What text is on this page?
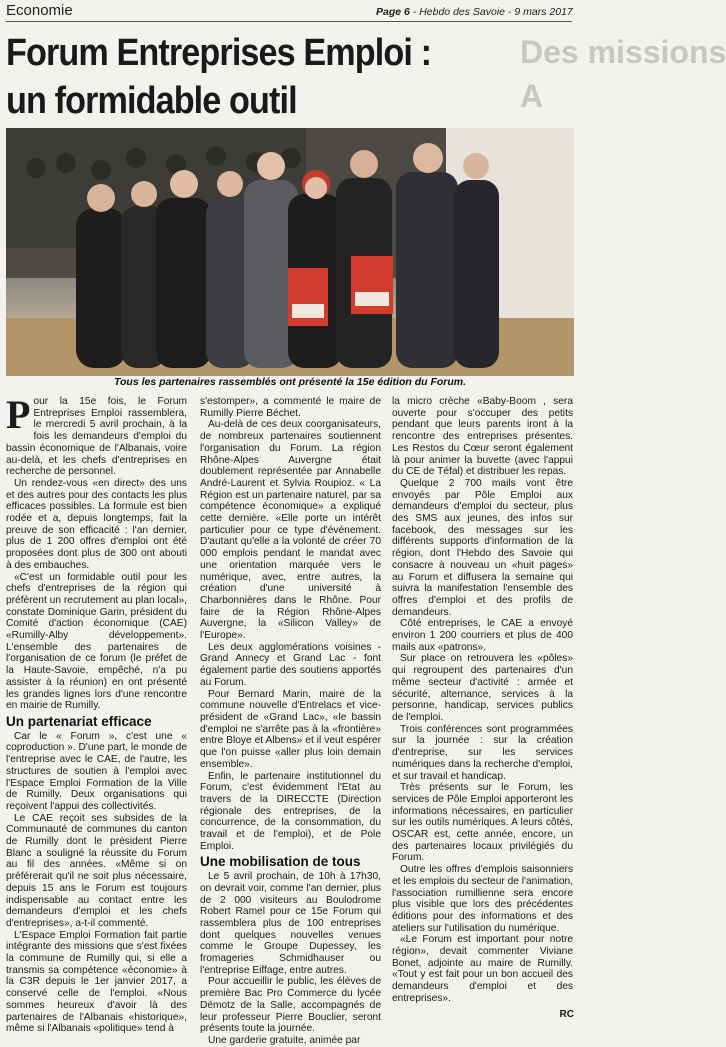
Economie	Page 6 - Hebdo des Savoie - 9 mars 2017
Forum Entreprises Emploi :
un formidable outil
Des missions
A
Tous les partenaires rassemblés ont présenté la 15e édition du Forum.

Pour la 15e fois, le Forum Entreprises Emploi rassemblera, le mercredi 5 avril prochain, à la fois les demandeurs d'emploi du bassin économique de l'Albanais, voire au-delà, et les chefs d'entreprises en recherche de personnel.

Un rendez-vous «en direct» des uns et des autres pour des contacts les plus efficaces possibles. La formule est bien rodée et a, depuis longtemps, fait la preuve de son efficacité : l'an dernier, plus de 1 200 offres d'emploi ont été proposées dont plus de 300 ont abouti à des embauches.

«C'est un formidable outil pour les chefs d'entreprises de la région qui préfèrent un recrutement au plan local», constate Dominique Garin, président du Comité d'action économique (CAE) «Rumilly-Alby développement». L'ensemble des partenaires de l'organisation de ce forum (le préfet de la Haute-Savoie, empêché, n'a pu assister à la réunion) en ont présenté les grandes lignes lors d'une rencontre en mairie de Rumilly.

Un partenariat efficace

Car le « Forum », c'est une « coproduction ». D'une part, le monde de l'entreprise avec le CAE, de l'autre, les structures de soutien à l'emploi avec l'Espace Emploi Formation de la Ville de Rumilly. Deux organisations qui reçoivent l'appui des collectivités.

Le CAE reçoit ses subsides de la Communauté de communes du canton de Rumilly dont le président Pierre Blanc a souligné la réussite du Forum au fil des années. «Même si on préférerait qu'il ne soit plus nécessaire, depuis 15 ans le Forum est toujours indispensable au contact entre les demandeurs d'emploi et les chefs d'entreprises», a-t-il commenté.

L'Espace Emploi Formation fait partie intégrante des missions que s'est fixées la commune de Rumilly qui, si elle a transmis sa compétence «économie» à la C3R depuis le 1er janvier 2017, a conservé celle de l'emploi. «Nous sommes heureux d'avoir là des partenaires de l'Albanais «historique», même si l'Albanais «politique» tend à

s'estomper», a commenté le maire de Rumilly Pierre Béchet.

Au-delà de ces deux coorganisateurs, de nombreux partenaires soutiennent l'organisation du Forum. La région Rhône-Alpes Auvergne était doublement représentée par Annabelle André-Laurent et Sylvia Roupioz. « La Région est un partenaire naturel, par sa compétence économique» a expliqué cette dernière. «Elle porte un intérêt particulier pour ce type d'événement. D'autant qu'elle a la volonté de créer 70 000 emplois pendant le mandat avec une orientation marquée vers le numérique, avec, entre autres, la création d'une université à Charbonnières dans le Rhône. Pour faire de la Région Rhône-Alpes Auvergne, la «Silicon Valley» de l'Europe».

Les deux agglomérations voisines - Grand Annecy et Grand Lac - font également partie des soutiens apportés au Forum.

Pour Bernard Marin, maire de la commune nouvelle d'Entrelacs et vice-président de «Grand Lac», «le bassin d'emploi ne s'arrête pas à la «frontière» entre Bloye et Albens» et il veut espérer que l'on puisse «aller plus loin demain ensemble».

Enfin, le partenaire institutionnel du Forum, c'est évidemment l'Etat au travers de la DIRECCTE (Direction régionale des entreprises, de la concurrence, de la consommation, du travail et de l'emploi), et de Pole Emploi.

Une mobilisation de tous

Le 5 avril prochain, de 10h à 17h30, on devrait voir, comme l'an dernier, plus de 2 000 visiteurs au Boulodrome Robert Ramel pour ce 15e Forum qui rassemblera plus de 100 entreprises dont quelques nouvelles venues comme le Groupe Dupessey, les fromageries Schmidhauser ou l'entreprise Eiffage, entre autres.

Pour accueillir le public, les élèves de première Bac Pro Commerce du lycée Démotz de la Salle, accompagnés de leur professeur Pierre Bouclier, seront présents toute la journée.

Une garderie gratuite, animée par

la micro crèche «Baby-Boom , sera ouverte pour s'occuper des petits pendant que leurs parents iront à la rencontre des entreprises présentes. Les Restos du Cœur seront également là pour animer la buvette (avec l'appui du CE de Téfal) et distribuer les repas.

Quelque 2 700 mails vont être envoyés par Pôle Emploi aux demandeurs d'emploi du secteur, plus des SMS aux jeunes, des infos sur facebook, des messages sur les différents supports d'information de la région, dont l'Hebdo des Savoie qui consacre à nouveau un «huit pages» au Forum et diffusera la semaine qui suivra la manifestation l'ensemble des offres d'emploi et des profils de demandeurs.

Côté entreprises, le CAE a envoyé environ 1 200 courriers et plus de 400 mails aux «patrons».

Sur place on retrouvera les «pôles» qui regroupent des partenaires d'un même secteur d'activité : armée et sécurité, alternance, services à la personne, handicap, services publics de l'emploi.

Trois conférences sont programmées sur la journée : sur la création d'entreprise, sur les services numériques dans la recherche d'emploi, et sur travail et handicap.

Très présents sur le Forum, les services de Pôle Emploi apporteront les informations nécessaires, en particulier sur les outils numériques. A leurs côtés, OSCAR est, cette année, encore, un des partenaires locaux privilégiés du Forum.

Outre les offres d'emplois saisonniers et les emplois du secteur de l'animation, l'association rumillienne sera encore plus visible que lors des précédentes éditions pour des informations et des ateliers sur l'utilisation du numérique.

«Le Forum est important pour notre région», devait commenter Viviane Bonet, adjointe au maire de Rumilly. «Tout y est fait pour un bon accueil des demandeurs d'emploi et des entreprises».

RC
